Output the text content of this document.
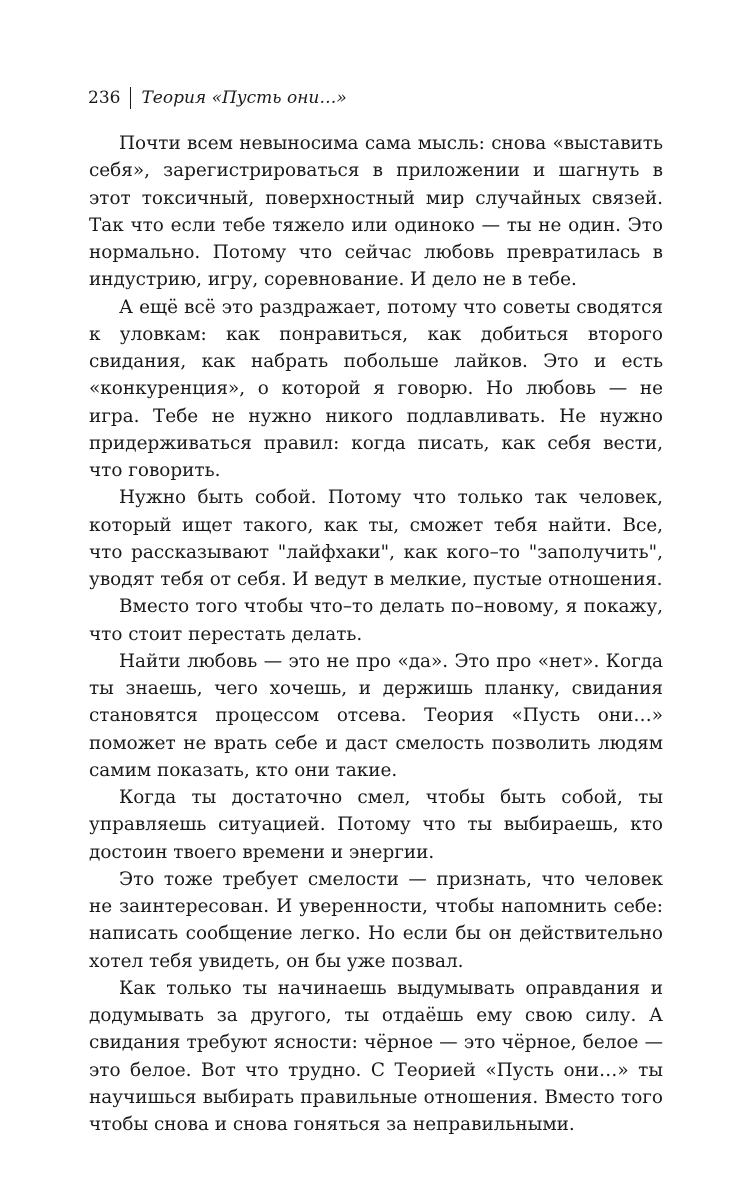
236 Теория «Пусть они…»

Почти всем невыносима сама мысль: снова «выставить себя», зарегистрироваться в приложении и шагнуть в этот токсичный, поверхностный мир случайных связей. Так что если тебе тяжело или одиноко — ты не один. Это нормально. Потому что сейчас любовь превратилась в индустрию, игру, соревнование. И дело не в тебе.

А ещё всё это раздражает, потому что советы сводятся к уловкам: как понравиться, как добиться второго свидания, как набрать побольше лайков. Это и есть «конкуренция», о которой я говорю. Но любовь — не игра. Тебе не нужно никого подлавливать. Не нужно придерживаться правил: когда писать, как себя вести, что говорить.

Нужно быть собой. Потому что только так человек, который ищет такого, как ты, сможет тебя найти. Все, что рассказывают "лайфхаки", как кого–то "заполучить", уводят тебя от себя. И ведут в мелкие, пустые отношения.

Вместо того чтобы что–то делать по–новому, я покажу, что стоит перестать делать.

Найти любовь — это не про «да». Это про «нет». Когда ты знаешь, чего хочешь, и держишь планку, свидания становятся процессом отсева. Теория «Пусть они…» поможет не врать себе и даст смелость позволить людям самим показать, кто они такие.

Когда ты достаточно смел, чтобы быть собой, ты управляешь ситуацией. Потому что ты выбираешь, кто достоин твоего времени и энергии.

Это тоже требует смелости — признать, что человек не заинтересован. И уверенности, чтобы напомнить себе: написать сообщение легко. Но если бы он действительно хотел тебя увидеть, он бы уже позвал.

Как только ты начинаешь выдумывать оправдания и додумывать за другого, ты отдаёшь ему свою силу. А свидания требуют ясности: чёрное — это чёрное, белое — это белое. Вот что трудно. С Теорией «Пусть они…» ты научишься выбирать правильные отношения. Вместо того чтобы снова и снова гоняться за неправильными.
